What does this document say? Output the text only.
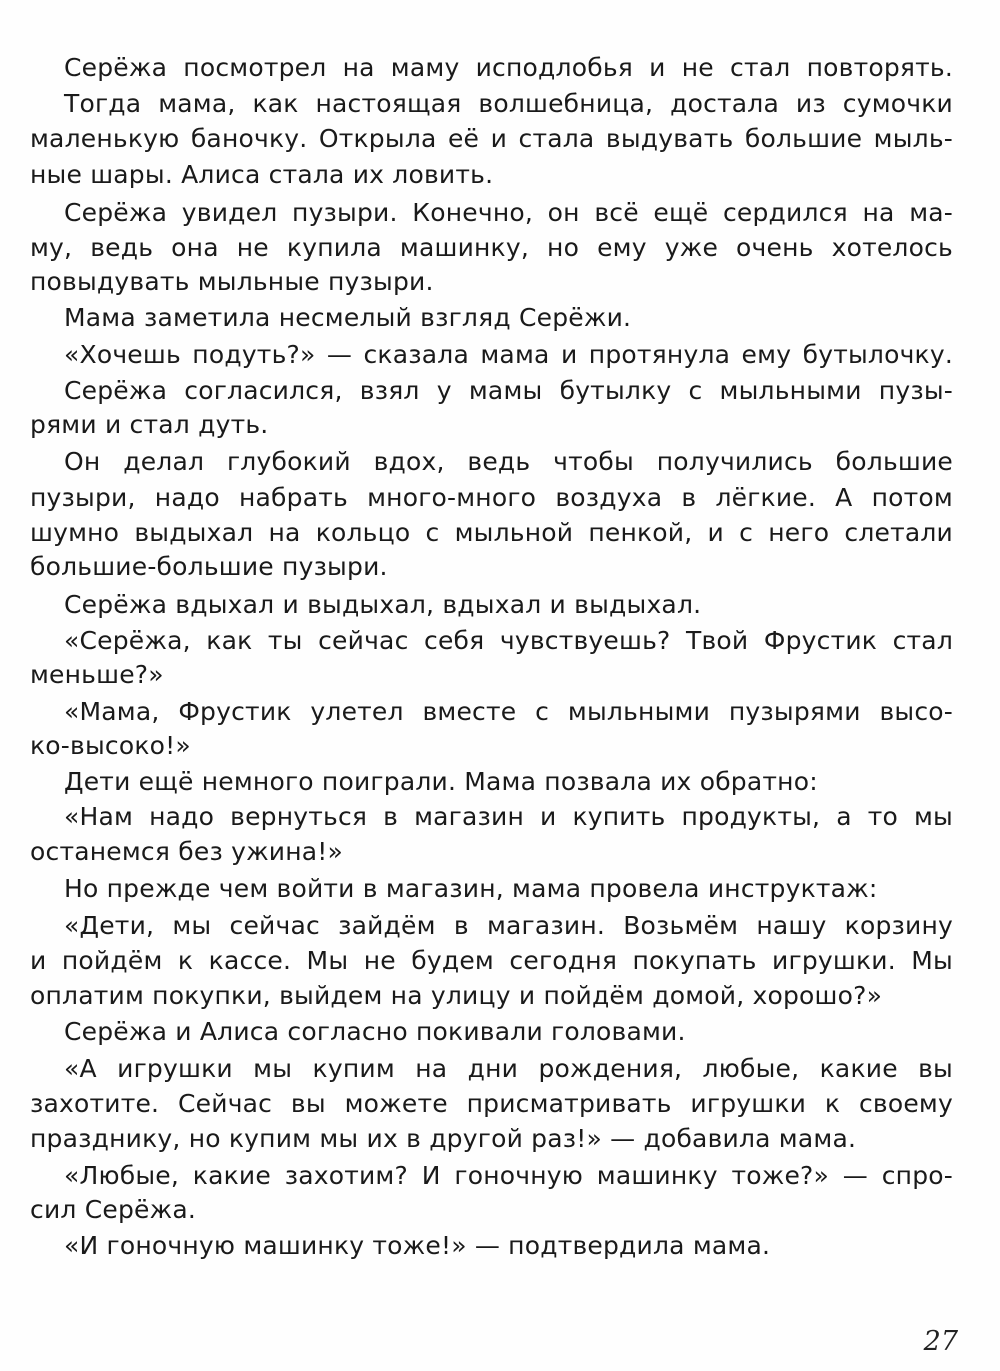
Серёжа посмотрел на маму исподлобья и не стал повторять.
Тогда мама, как настоящая волшебница, достала из сумочки
маленькую баночку. Открыла её и стала выдувать большие мыль-
ные шары. Алиса стала их ловить.
Серёжа увидел пузыри. Конечно, он всё ещё сердился на ма-
му, ведь она не купила машинку, но ему уже очень хотелось
повыдувать мыльные пузыри.
Мама заметила несмелый взгляд Серёжи.
«Хочешь подуть?» — сказала мама и протянула ему бутылочку.
Серёжа согласился, взял у мамы бутылку с мыльными пузы-
рями и стал дуть.
Он делал глубокий вдох, ведь чтобы получились большие
пузыри, надо набрать много-много воздуха в лёгкие. А потом
шумно выдыхал на кольцо с мыльной пенкой, и с него слетали
большие-большие пузыри.
Серёжа вдыхал и выдыхал, вдыхал и выдыхал.
«Серёжа, как ты сейчас себя чувствуешь? Твой Фрустик стал
меньше?»
«Мама, Фрустик улетел вместе с мыльными пузырями высо-
ко-высоко!»
Дети ещё немного поиграли. Мама позвала их обратно:
«Нам надо вернуться в магазин и купить продукты, а то мы
останемся без ужина!»
Но прежде чем войти в магазин, мама провела инструктаж:
«Дети, мы сейчас зайдём в магазин. Возьмём нашу корзину
и пойдём к кассе. Мы не будем сегодня покупать игрушки. Мы
оплатим покупки, выйдем на улицу и пойдём домой, хорошо?»
Серёжа и Алиса согласно покивали головами.
«А игрушки мы купим на дни рождения, любые, какие вы
захотите. Сейчас вы можете присматривать игрушки к своему
празднику, но купим мы их в другой раз!» — добавила мама.
«Любые, какие захотим? И гоночную машинку тоже?» — спро-
сил Серёжа.
«И гоночную машинку тоже!» — подтвердила мама.
27
